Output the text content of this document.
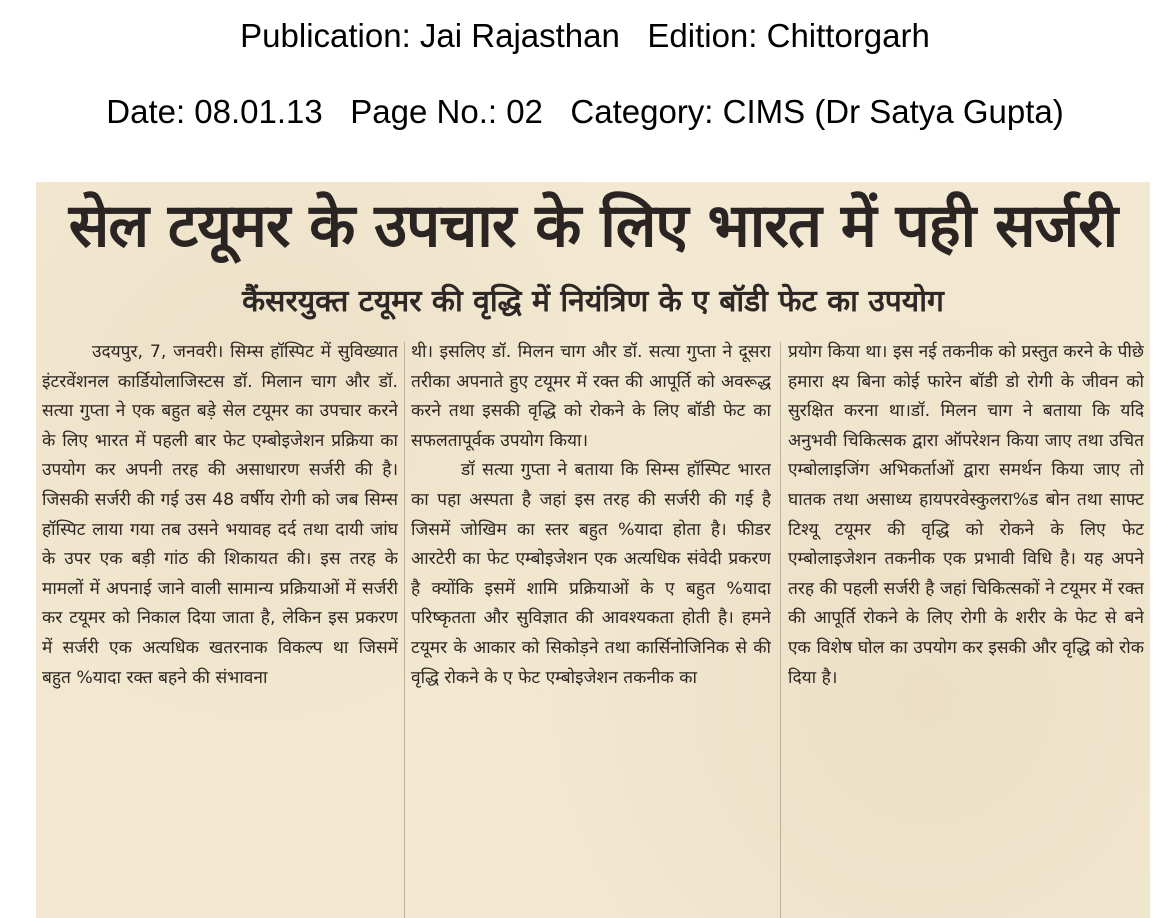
Publication: Jai Rajasthan   Edition: Chittorgarh
Date: 08.01.13   Page No.: 02   Category: CIMS (Dr Satya Gupta)
सेल टयूमर के उपचार के लिए भारत में पही सर्जरी
कैंसरयुक्त टयूमर की वृद्धि में नियंत्रिण के ए बॉडी फेट का उपयोग

उदयपुर, 7, जनवरी। सिम्स हॉस्पिट में सुविख्यात इंटरवेंशनल कार्डियोलाजिस्टस डॉ. मिलान चाग और डॉ. सत्या गुप्ता ने एक बहुत बड़े सेल टयूमर का उपचार करने के लिए भारत में पहली बार फेट एम्बोइजेशन प्रक्रिया का उपयोग कर अपनी तरह की असाधारण सर्जरी की है। जिसकी सर्जरी की गई उस 48 वर्षीय रोगी को जब सिम्स हॉस्पिट लाया गया तब उसने भयावह दर्द तथा दायी जांघ के उपर एक बड़ी गांठ की शिकायत की। इस तरह के मामलों में अपनाई जाने वाली सामान्य प्रक्रियाओं में सर्जरी कर टयूमर को निकाल दिया जाता है, लेकिन इस प्रकरण में सर्जरी एक अत्यधिक खतरनाक विकल्प था जिसमें बहुत %यादा रक्त बहने की संभावना

थी। इसलिए डॉ. मिलन चाग और डॉ. सत्या गुप्ता ने दूसरा तरीका अपनाते हुए टयूमर में रक्त की आपूर्ति को अवरूद्ध करने तथा इसकी वृद्धि को रोकने के लिए बॉडी फेट का सफलतापूर्वक उपयोग किया।

डॉ सत्या गुप्ता ने बताया कि सिम्स हॉस्पिट भारत का पहा अस्पता है जहां इस तरह की सर्जरी की गई है जिसमें जोखिम का स्तर बहुत %यादा होता है। फीडर आरटेरी का फेट एम्बोइजेशन एक अत्यधिक संवेदी प्रकरण है क्योंकि इसमें शामि प्रक्रियाओं के ए बहुत %यादा परिष्कृतता और सुविज्ञात की आवश्यकता होती है। हमने टयूमर के आकार को सिकोड़ने तथा कार्सिनोजिनिक से की वृद्धि रोकने के ए फेट एम्बोइजेशन तकनीक का

प्रयोग किया था। इस नई तकनीक को प्रस्तुत करने के पीछे हमारा क्ष्य बिना कोई फारेन बॉडी डो रोगी के जीवन को सुरक्षित करना था।डॉ. मिलन चाग ने बताया कि यदि अनुभवी चिकित्सक द्वारा ऑपरेशन किया जाए तथा उचित एम्बोलाइजिंग अभिकर्ताओं द्वारा समर्थन किया जाए तो घातक तथा असाध्य हायपरवेस्कुलरा%ड बोन तथा साफ्ट टिश्यू टयूमर की वृद्धि को रोकने के लिए फेट एम्बोलाइजेशन तकनीक एक प्रभावी विधि है। यह अपने तरह की पहली सर्जरी है जहां चिकित्सकों ने टयूमर में रक्त की आपूर्ति रोकने के लिए रोगी के शरीर के फेट से बने एक विशेष घोल का उपयोग कर इसकी और वृद्धि को रोक दिया है।
